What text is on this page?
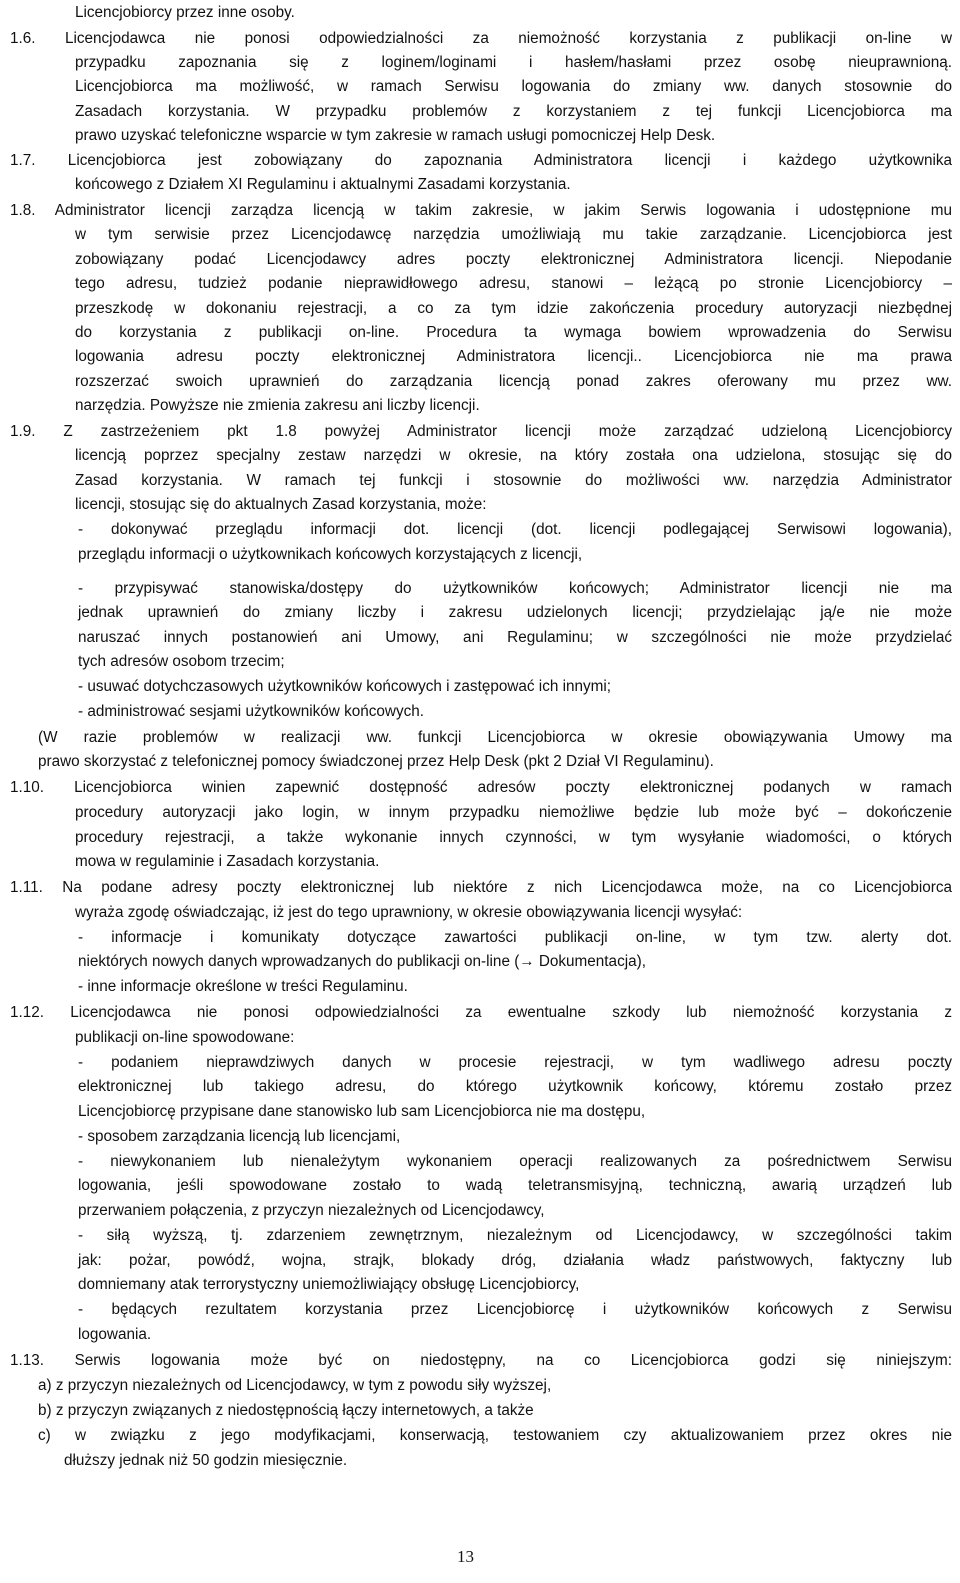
Licencjobiorcy przez inne osoby.
1.6. Licencjodawca nie ponosi odpowiedzialności za niemożność korzystania z publikacji on-line w
przypadku zapoznania się z loginem/loginami i hasłem/hasłami przez osobę nieuprawnioną.
Licencjobiorca ma możliwość, w ramach Serwisu logowania do zmiany ww. danych stosownie do
Zasadach korzystania. W przypadku problemów z korzystaniem z tej funkcji Licencjobiorca ma
prawo uzyskać telefoniczne wsparcie w tym zakresie w ramach usługi pomocniczej Help Desk.
1.7. Licencjobiorca jest zobowiązany do zapoznania Administratora licencji i każdego użytkownika
końcowego z Działem XI Regulaminu i aktualnymi Zasadami korzystania.
1.8. Administrator licencji zarządza licencją w takim zakresie, w jakim Serwis logowania i udostępnione mu
w tym serwisie przez Licencjodawcę narzędzia umożliwiają mu takie zarządzanie. Licencjobiorca jest
zobowiązany podać Licencjodawcy adres poczty elektronicznej Administratora licencji. Niepodanie
tego adresu, tudzież podanie nieprawidłowego adresu, stanowi – leżącą po stronie Licencjobiorcy –
przeszkodę w dokonaniu rejestracji, a co za tym idzie zakończenia procedury autoryzacji niezbędnej
do korzystania z publikacji on-line. Procedura ta wymaga bowiem wprowadzenia do Serwisu
logowania adresu poczty elektronicznej Administratora licencji.. Licencjobiorca nie ma prawa
rozszerzać swoich uprawnień do zarządzania licencją ponad zakres oferowany mu przez ww.
narzędzia. Powyższe nie zmienia zakresu ani liczby licencji.
1.9. Z zastrzeżeniem pkt 1.8 powyżej Administrator licencji może zarządzać udzieloną Licencjobiorcy
licencją poprzez specjalny zestaw narzędzi w okresie, na który została ona udzielona, stosując się do
Zasad korzystania. W ramach tej funkcji i stosownie do możliwości ww. narzędzia Administrator
licencji, stosując się do aktualnych Zasad korzystania, może:
- dokonywać przeglądu informacji dot. licencji (dot. licencji podlegającej Serwisowi logowania),
przeglądu informacji o użytkownikach końcowych korzystających z licencji,
- przypisywać stanowiska/dostępy do użytkowników końcowych; Administrator licencji nie ma
jednak uprawnień do zmiany liczby i zakresu udzielonych licencji; przydzielając ją/e nie może
naruszać innych postanowień ani Umowy, ani Regulaminu; w szczególności nie może przydzielać
tych adresów osobom trzecim;
- usuwać dotychczasowych użytkowników końcowych i zastępować ich innymi;
- administrować sesjami użytkowników końcowych.
(W razie problemów w realizacji ww. funkcji Licencjobiorca w okresie obowiązywania Umowy ma
prawo skorzystać z telefonicznej pomocy świadczonej przez Help Desk (pkt 2 Dział VI Regulaminu).
1.10. Licencjobiorca winien zapewnić dostępność adresów poczty elektronicznej podanych w ramach
procedury autoryzacji jako login, w innym przypadku niemożliwe będzie lub może być – dokończenie
procedury rejestracji, a także wykonanie innych czynności, w tym wysyłanie wiadomości, o których
mowa w regulaminie i Zasadach korzystania.
1.11. Na podane adresy poczty elektronicznej lub niektóre z nich Licencjodawca może, na co Licencjobiorca
wyraża zgodę oświadczając, iż jest do tego uprawniony, w okresie obowiązywania licencji wysyłać:
- informacje i komunikaty dotyczące zawartości publikacji on-line, w tym tzw. alerty dot.
niektórych nowych danych wprowadzanych do publikacji on-line (→ Dokumentacja),
- inne informacje określone w treści Regulaminu.
1.12. Licencjodawca nie ponosi odpowiedzialności za ewentualne szkody lub niemożność korzystania z
publikacji on-line spowodowane:
- podaniem nieprawdziwych danych w procesie rejestracji, w tym wadliwego adresu poczty
elektronicznej lub takiego adresu, do którego użytkownik końcowy, któremu zostało przez
Licencjobiorcę przypisane dane stanowisko lub sam Licencjobiorca nie ma dostępu,
- sposobem zarządzania licencją lub licencjami,
- niewykonaniem lub nienależytym wykonaniem operacji realizowanych za pośrednictwem Serwisu
logowania, jeśli spowodowane zostało to wadą teletransmisyjną, techniczną, awarią urządzeń lub
przerwaniem połączenia, z przyczyn niezależnych od Licencjodawcy,
- siłą wyższą, tj. zdarzeniem zewnętrznym, niezależnym od Licencjodawcy, w szczególności takim
jak: pożar, powódź, wojna, strajk, blokady dróg, działania władz państwowych, faktyczny lub
domniemany atak terrorystyczny uniemożliwiający obsługę Licencjobiorcy,
- będących rezultatem korzystania przez Licencjobiorcę i użytkowników końcowych z Serwisu
logowania.
1.13. Serwis logowania może być on niedostępny, na co Licencjobiorca godzi się niniejszym:
a) z przyczyn niezależnych od Licencjodawcy, w tym z powodu siły wyższej,
b) z przyczyn związanych z niedostępnością łączy internetowych, a także
c) w związku z jego modyfikacjami, konserwacją, testowaniem czy aktualizowaniem przez okres nie
dłuższy jednak niż 50 godzin miesięcznie.
13
